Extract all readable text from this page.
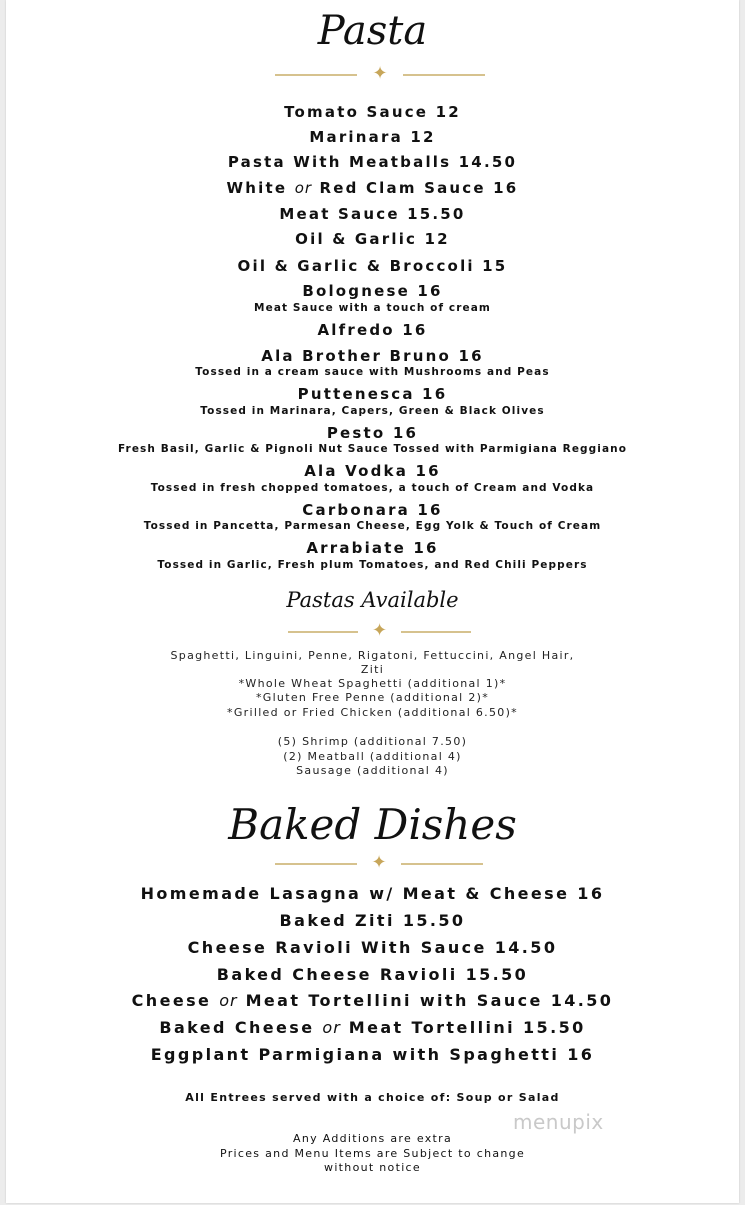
Pasta
✦
Tomato Sauce 12
Marinara 12
Pasta With Meatballs 14.50
White or Red Clam Sauce 16
Meat Sauce 15.50
Oil & Garlic 12
Oil & Garlic & Broccoli 15
Bolognese 16
Meat Sauce with a touch of cream
Alfredo 16
Ala Brother Bruno 16
Tossed in a cream sauce with Mushrooms and Peas
Puttenesca 16
Tossed in Marinara, Capers, Green & Black Olives
Pesto 16
Fresh Basil, Garlic & Pignoli Nut Sauce Tossed with Parmigiana Reggiano
Ala Vodka 16
Tossed in fresh chopped tomatoes, a touch of Cream and Vodka
Carbonara 16
Tossed in Pancetta, Parmesan Cheese, Egg Yolk & Touch of Cream
Arrabiate 16
Tossed in Garlic, Fresh plum Tomatoes, and Red Chili Peppers
Pastas Available
✦
Spaghetti, Linguini, Penne, Rigatoni, Fettuccini, Angel Hair,
Ziti
*Whole Wheat Spaghetti (additional 1)*
*Gluten Free Penne (additional 2)*
*Grilled or Fried Chicken (additional 6.50)*
(5) Shrimp (additional 7.50)
(2) Meatball (additional 4)
Sausage (additional 4)
Baked Dishes
✦
Homemade Lasagna w/ Meat & Cheese 16
Baked Ziti 15.50
Cheese Ravioli With Sauce 14.50
Baked Cheese Ravioli 15.50
Cheese or Meat Tortellini with Sauce 14.50
Baked Cheese or Meat Tortellini 15.50
Eggplant Parmigiana with Spaghetti 16
All Entrees served with a choice of: Soup or Salad
Any Additions are extra
Prices and Menu Items are Subject to change
without notice
menupix
